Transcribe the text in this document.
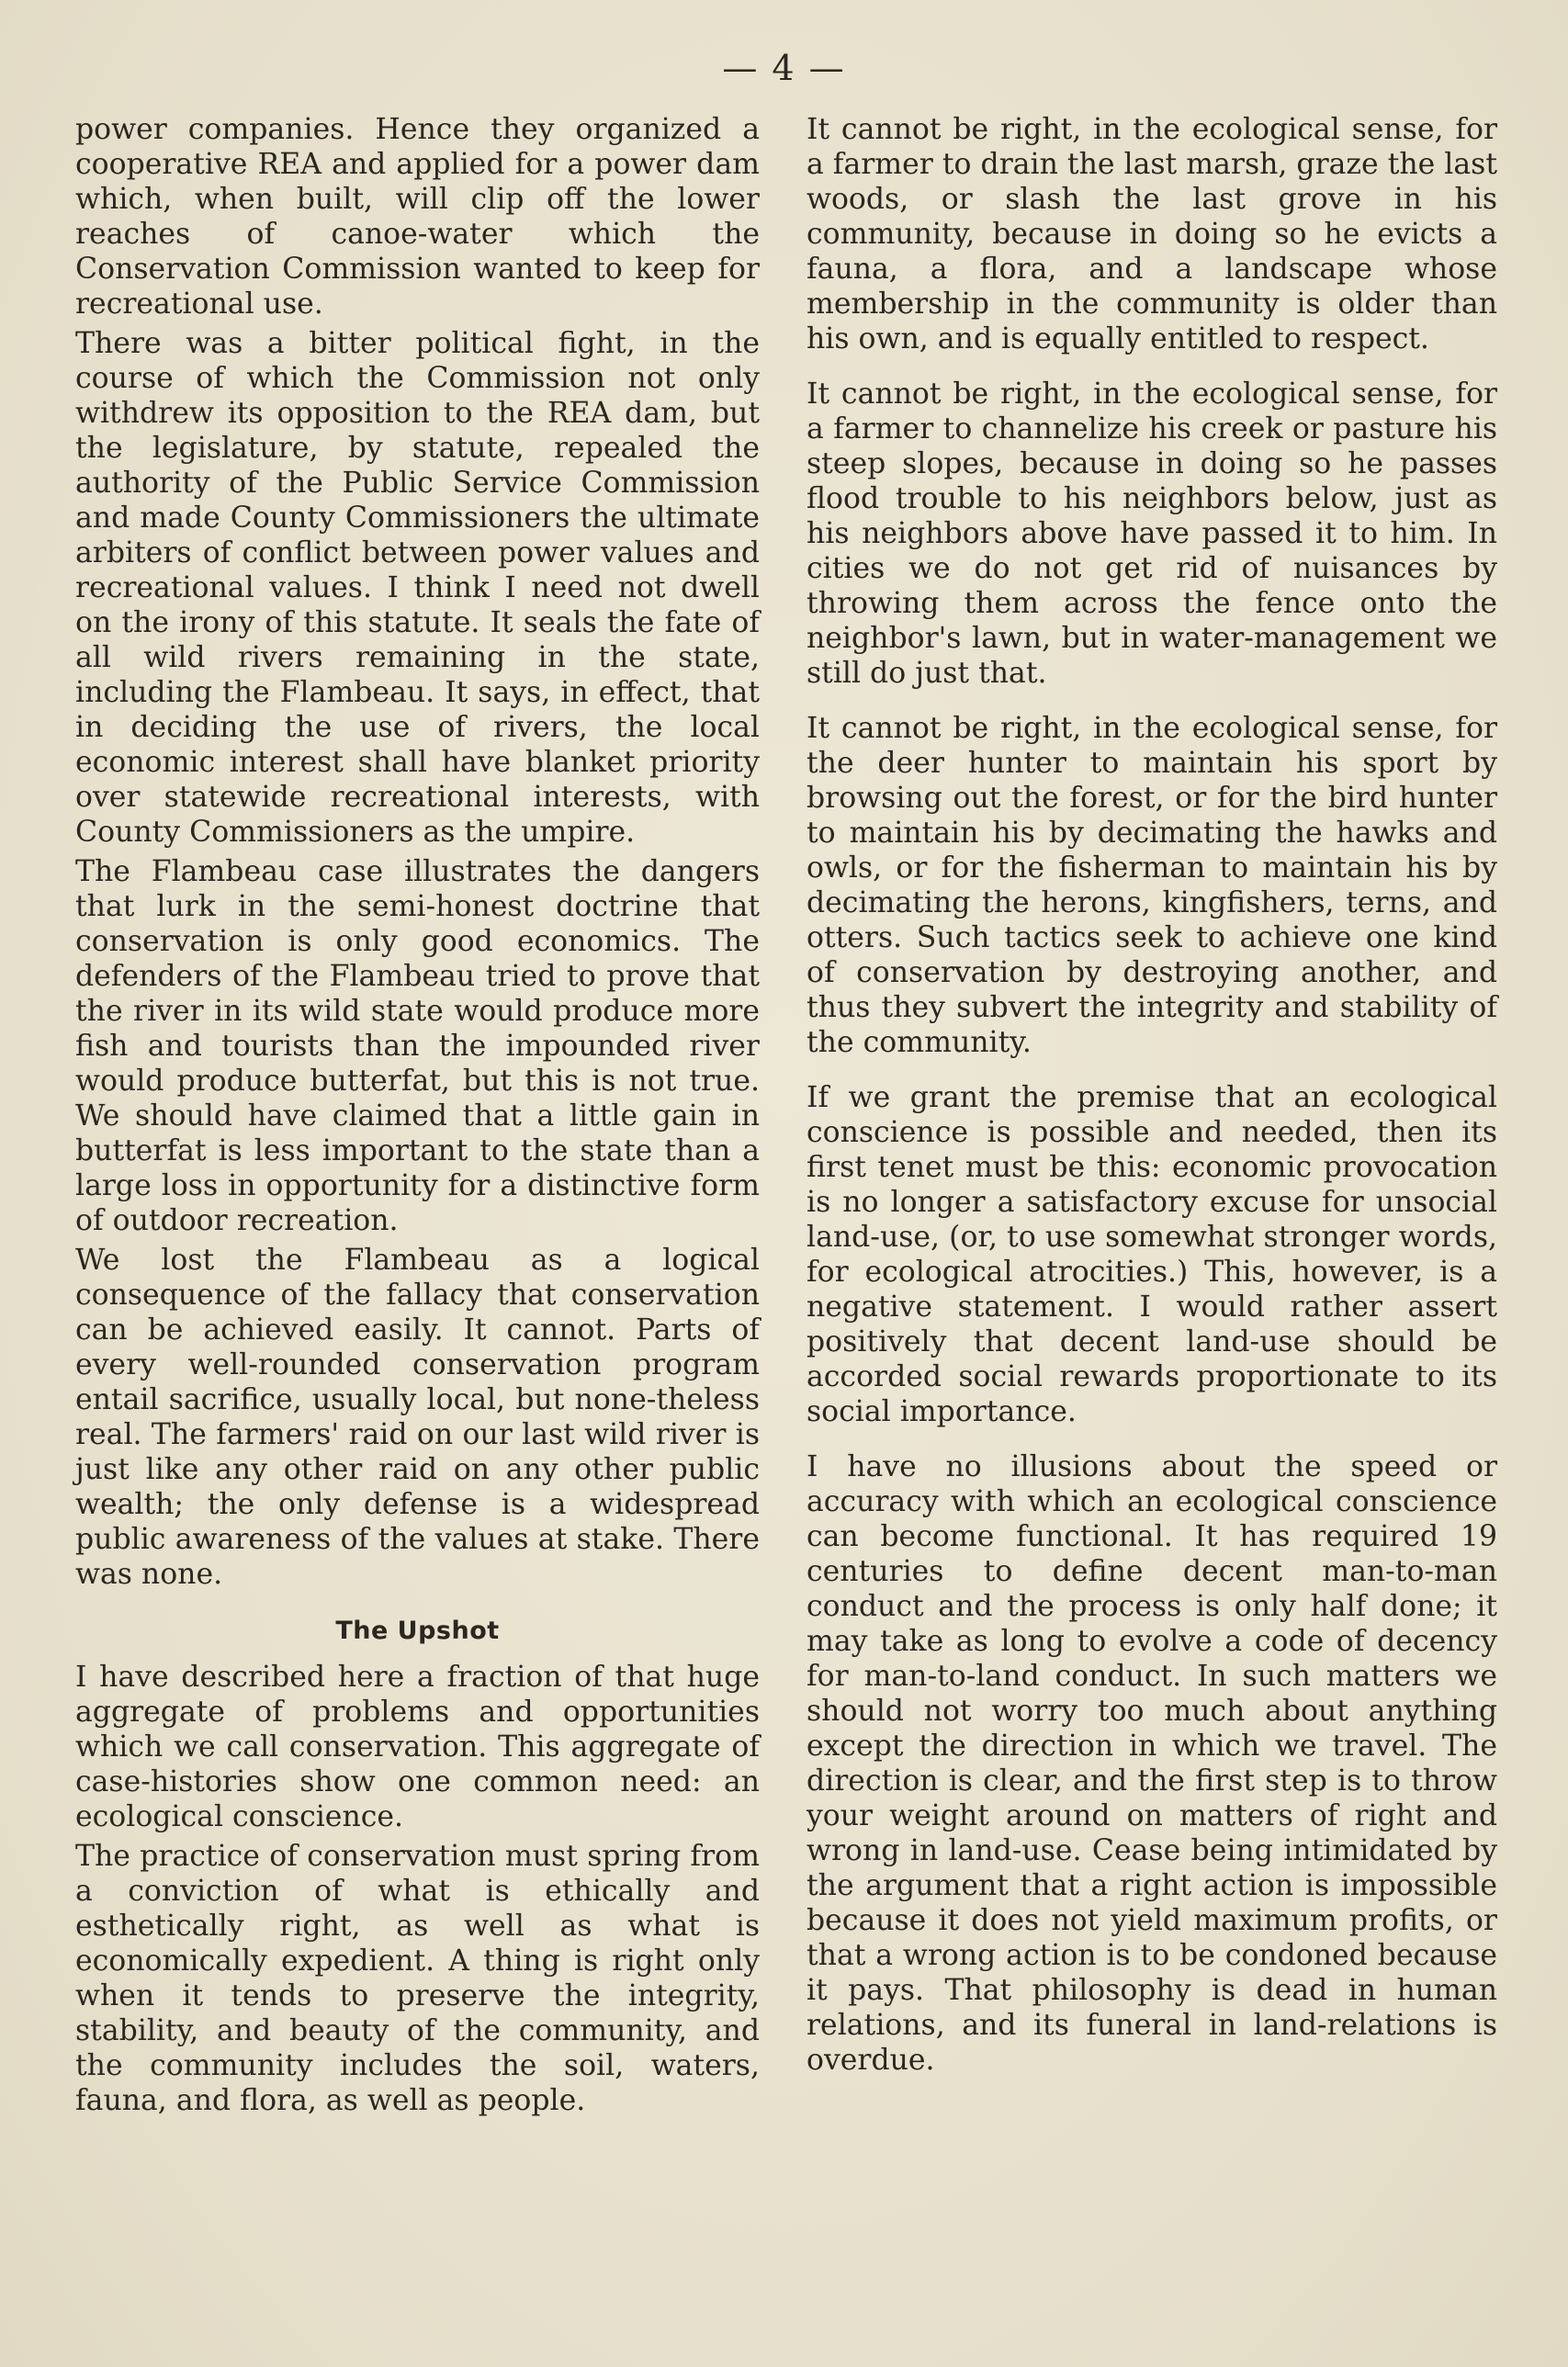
— 4 —

power companies. Hence they organized a cooperative REA and applied for a power dam which, when built, will clip off the lower reaches of canoe-water which the Conservation Commission wanted to keep for recreational use.

There was a bitter political fight, in the course of which the Commission not only withdrew its opposition to the REA dam, but the legislature, by statute, repealed the authority of the Public Service Commission and made County Commissioners the ultimate arbiters of conflict between power values and recreational values. I think I need not dwell on the irony of this statute. It seals the fate of all wild rivers remaining in the state, including the Flambeau. It says, in effect, that in deciding the use of rivers, the local economic interest shall have blanket priority over statewide recreational interests, with County Commissioners as the umpire.

The Flambeau case illustrates the dangers that lurk in the semi-honest doctrine that conservation is only good economics. The defenders of the Flambeau tried to prove that the river in its wild state would produce more fish and tourists than the impounded river would produce butterfat, but this is not true. We should have claimed that a little gain in butterfat is less important to the state than a large loss in opportunity for a distinctive form of outdoor recreation.

We lost the Flambeau as a logical consequence of the fallacy that conservation can be achieved easily. It cannot. Parts of every well-rounded conservation program entail sacrifice, usually local, but none-theless real. The farmers' raid on our last wild river is just like any other raid on any other public wealth; the only defense is a widespread public awareness of the values at stake. There was none.

The Upshot

I have described here a fraction of that huge aggregate of problems and opportunities which we call conservation. This aggregate of case-histories show one common need: an ecological conscience.

The practice of conservation must spring from a conviction of what is ethically and esthetically right, as well as what is economically expedient. A thing is right only when it tends to preserve the integrity, stability, and beauty of the community, and the community includes the soil, waters, fauna, and flora, as well as people.

It cannot be right, in the ecological sense, for a farmer to drain the last marsh, graze the last woods, or slash the last grove in his community, because in doing so he evicts a fauna, a flora, and a landscape whose membership in the community is older than his own, and is equally entitled to respect.

It cannot be right, in the ecological sense, for a farmer to channelize his creek or pasture his steep slopes, because in doing so he passes flood trouble to his neighbors below, just as his neighbors above have passed it to him. In cities we do not get rid of nuisances by throwing them across the fence onto the neighbor's lawn, but in water-management we still do just that.

It cannot be right, in the ecological sense, for the deer hunter to maintain his sport by browsing out the forest, or for the bird hunter to maintain his by decimating the hawks and owls, or for the fisherman to maintain his by decimating the herons, kingfishers, terns, and otters. Such tactics seek to achieve one kind of conservation by destroying another, and thus they subvert the integrity and stability of the community.

If we grant the premise that an ecological conscience is possible and needed, then its first tenet must be this: economic provocation is no longer a satisfactory excuse for unsocial land-use, (or, to use somewhat stronger words, for ecological atrocities.) This, however, is a negative statement. I would rather assert positively that decent land-use should be accorded social rewards proportionate to its social importance.

I have no illusions about the speed or accuracy with which an ecological conscience can become functional. It has required 19 centuries to define decent man-to-man conduct and the process is only half done; it may take as long to evolve a code of decency for man-to-land conduct. In such matters we should not worry too much about anything except the direction in which we travel. The direction is clear, and the first step is to throw your weight around on matters of right and wrong in land-use. Cease being intimidated by the argument that a right action is impossible because it does not yield maximum profits, or that a wrong action is to be condoned because it pays. That philosophy is dead in human relations, and its funeral in land-relations is overdue.
